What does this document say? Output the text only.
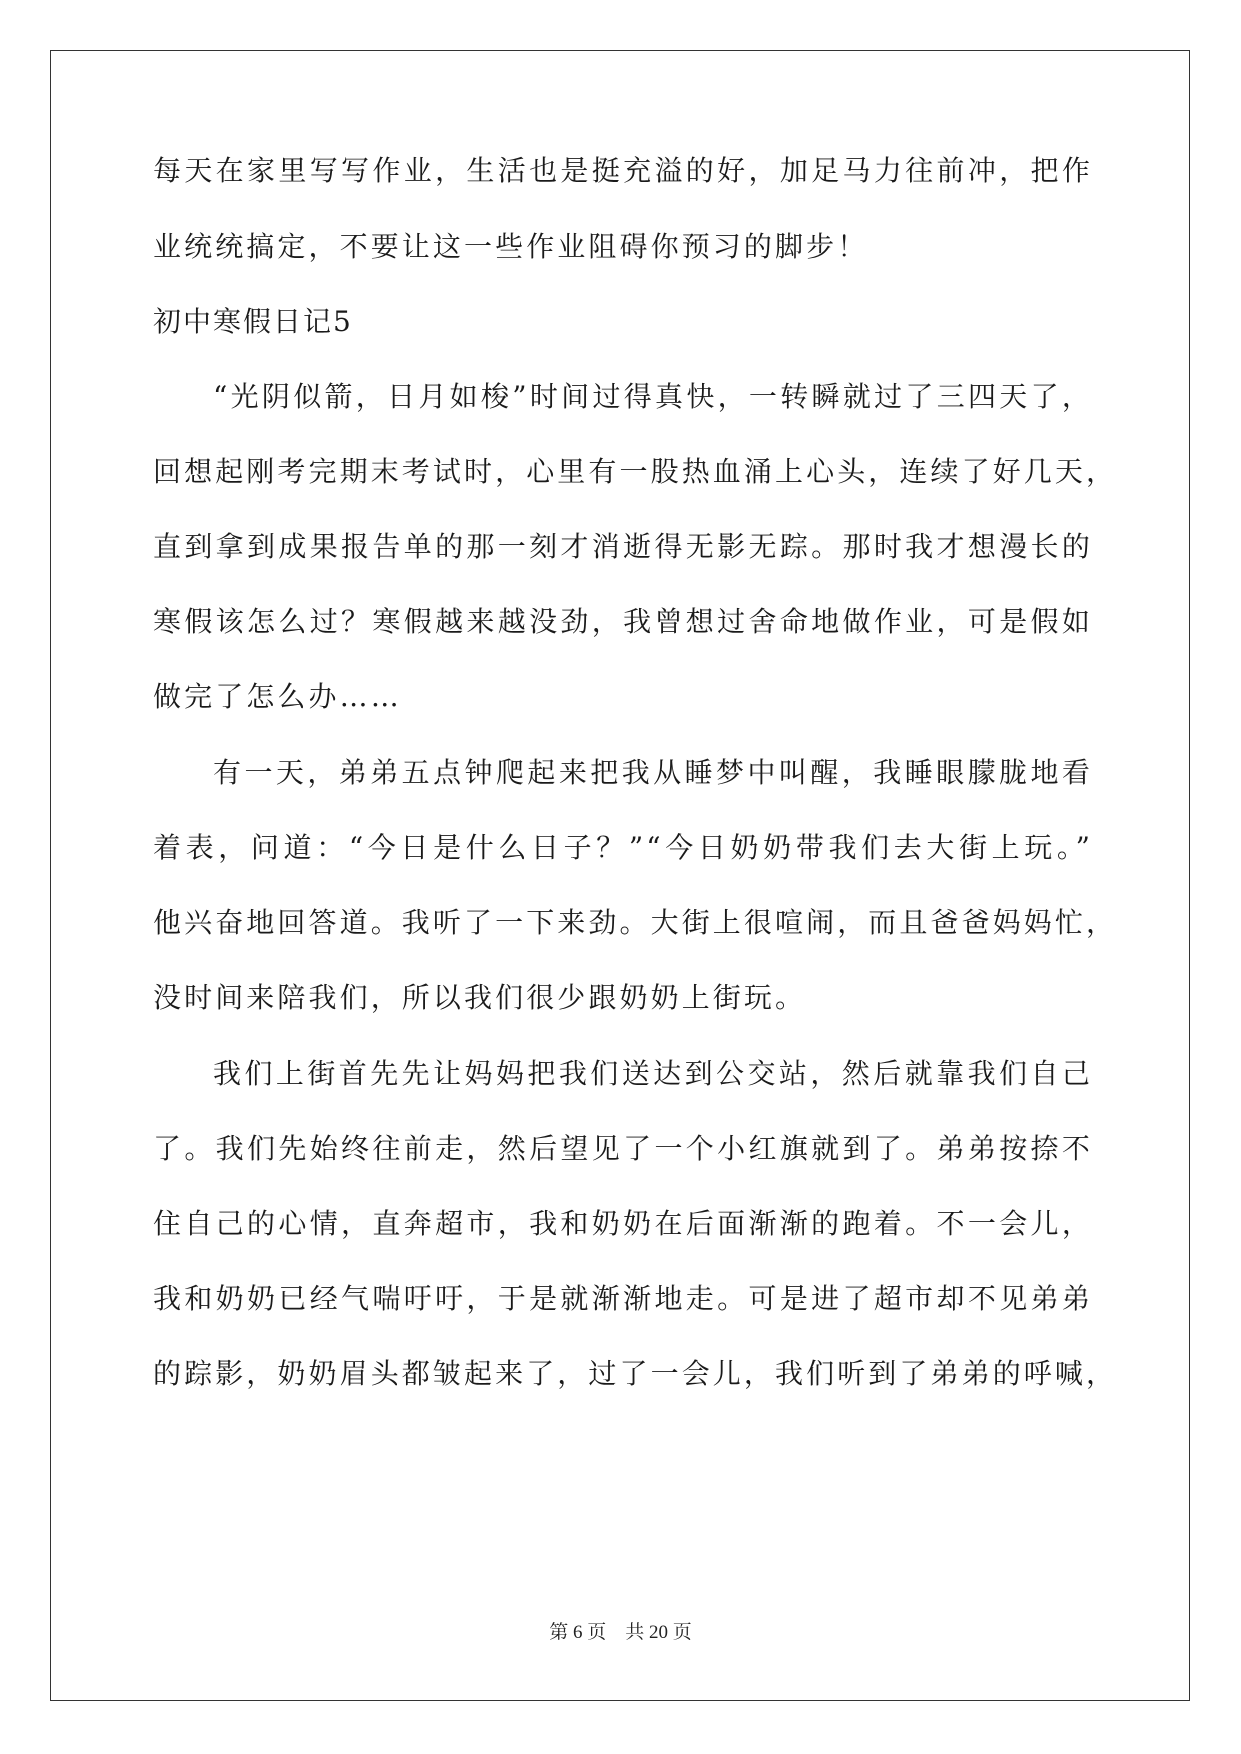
每天在家里写写作业，生活也是挺充溢的好，加足马力往前冲，把作
业统统搞定，不要让这一些作业阻碍你预习的脚步！
初中寒假日记5
“光阴似箭，日月如梭”时间过得真快，一转瞬就过了三四天了，
回想起刚考完期末考试时，心里有一股热血涌上心头，连续了好几天，
直到拿到成果报告单的那一刻才消逝得无影无踪。那时我才想漫长的
寒假该怎么过？寒假越来越没劲，我曾想过舍命地做作业，可是假如
做完了怎么办……
有一天，弟弟五点钟爬起来把我从睡梦中叫醒，我睡眼朦胧地看
着表，问道：“今日是什么日子？”“今日奶奶带我们去大街上玩。”
他兴奋地回答道。我听了一下来劲。大街上很喧闹，而且爸爸妈妈忙，
没时间来陪我们，所以我们很少跟奶奶上街玩。
我们上街首先先让妈妈把我们送达到公交站，然后就靠我们自己
了。我们先始终往前走，然后望见了一个小红旗就到了。弟弟按捺不
住自己的心情，直奔超市，我和奶奶在后面渐渐的跑着。不一会儿，
我和奶奶已经气喘吁吁，于是就渐渐地走。可是进了超市却不见弟弟
的踪影，奶奶眉头都皱起来了，过了一会儿，我们听到了弟弟的呼喊，
第 6 页　共 20 页
